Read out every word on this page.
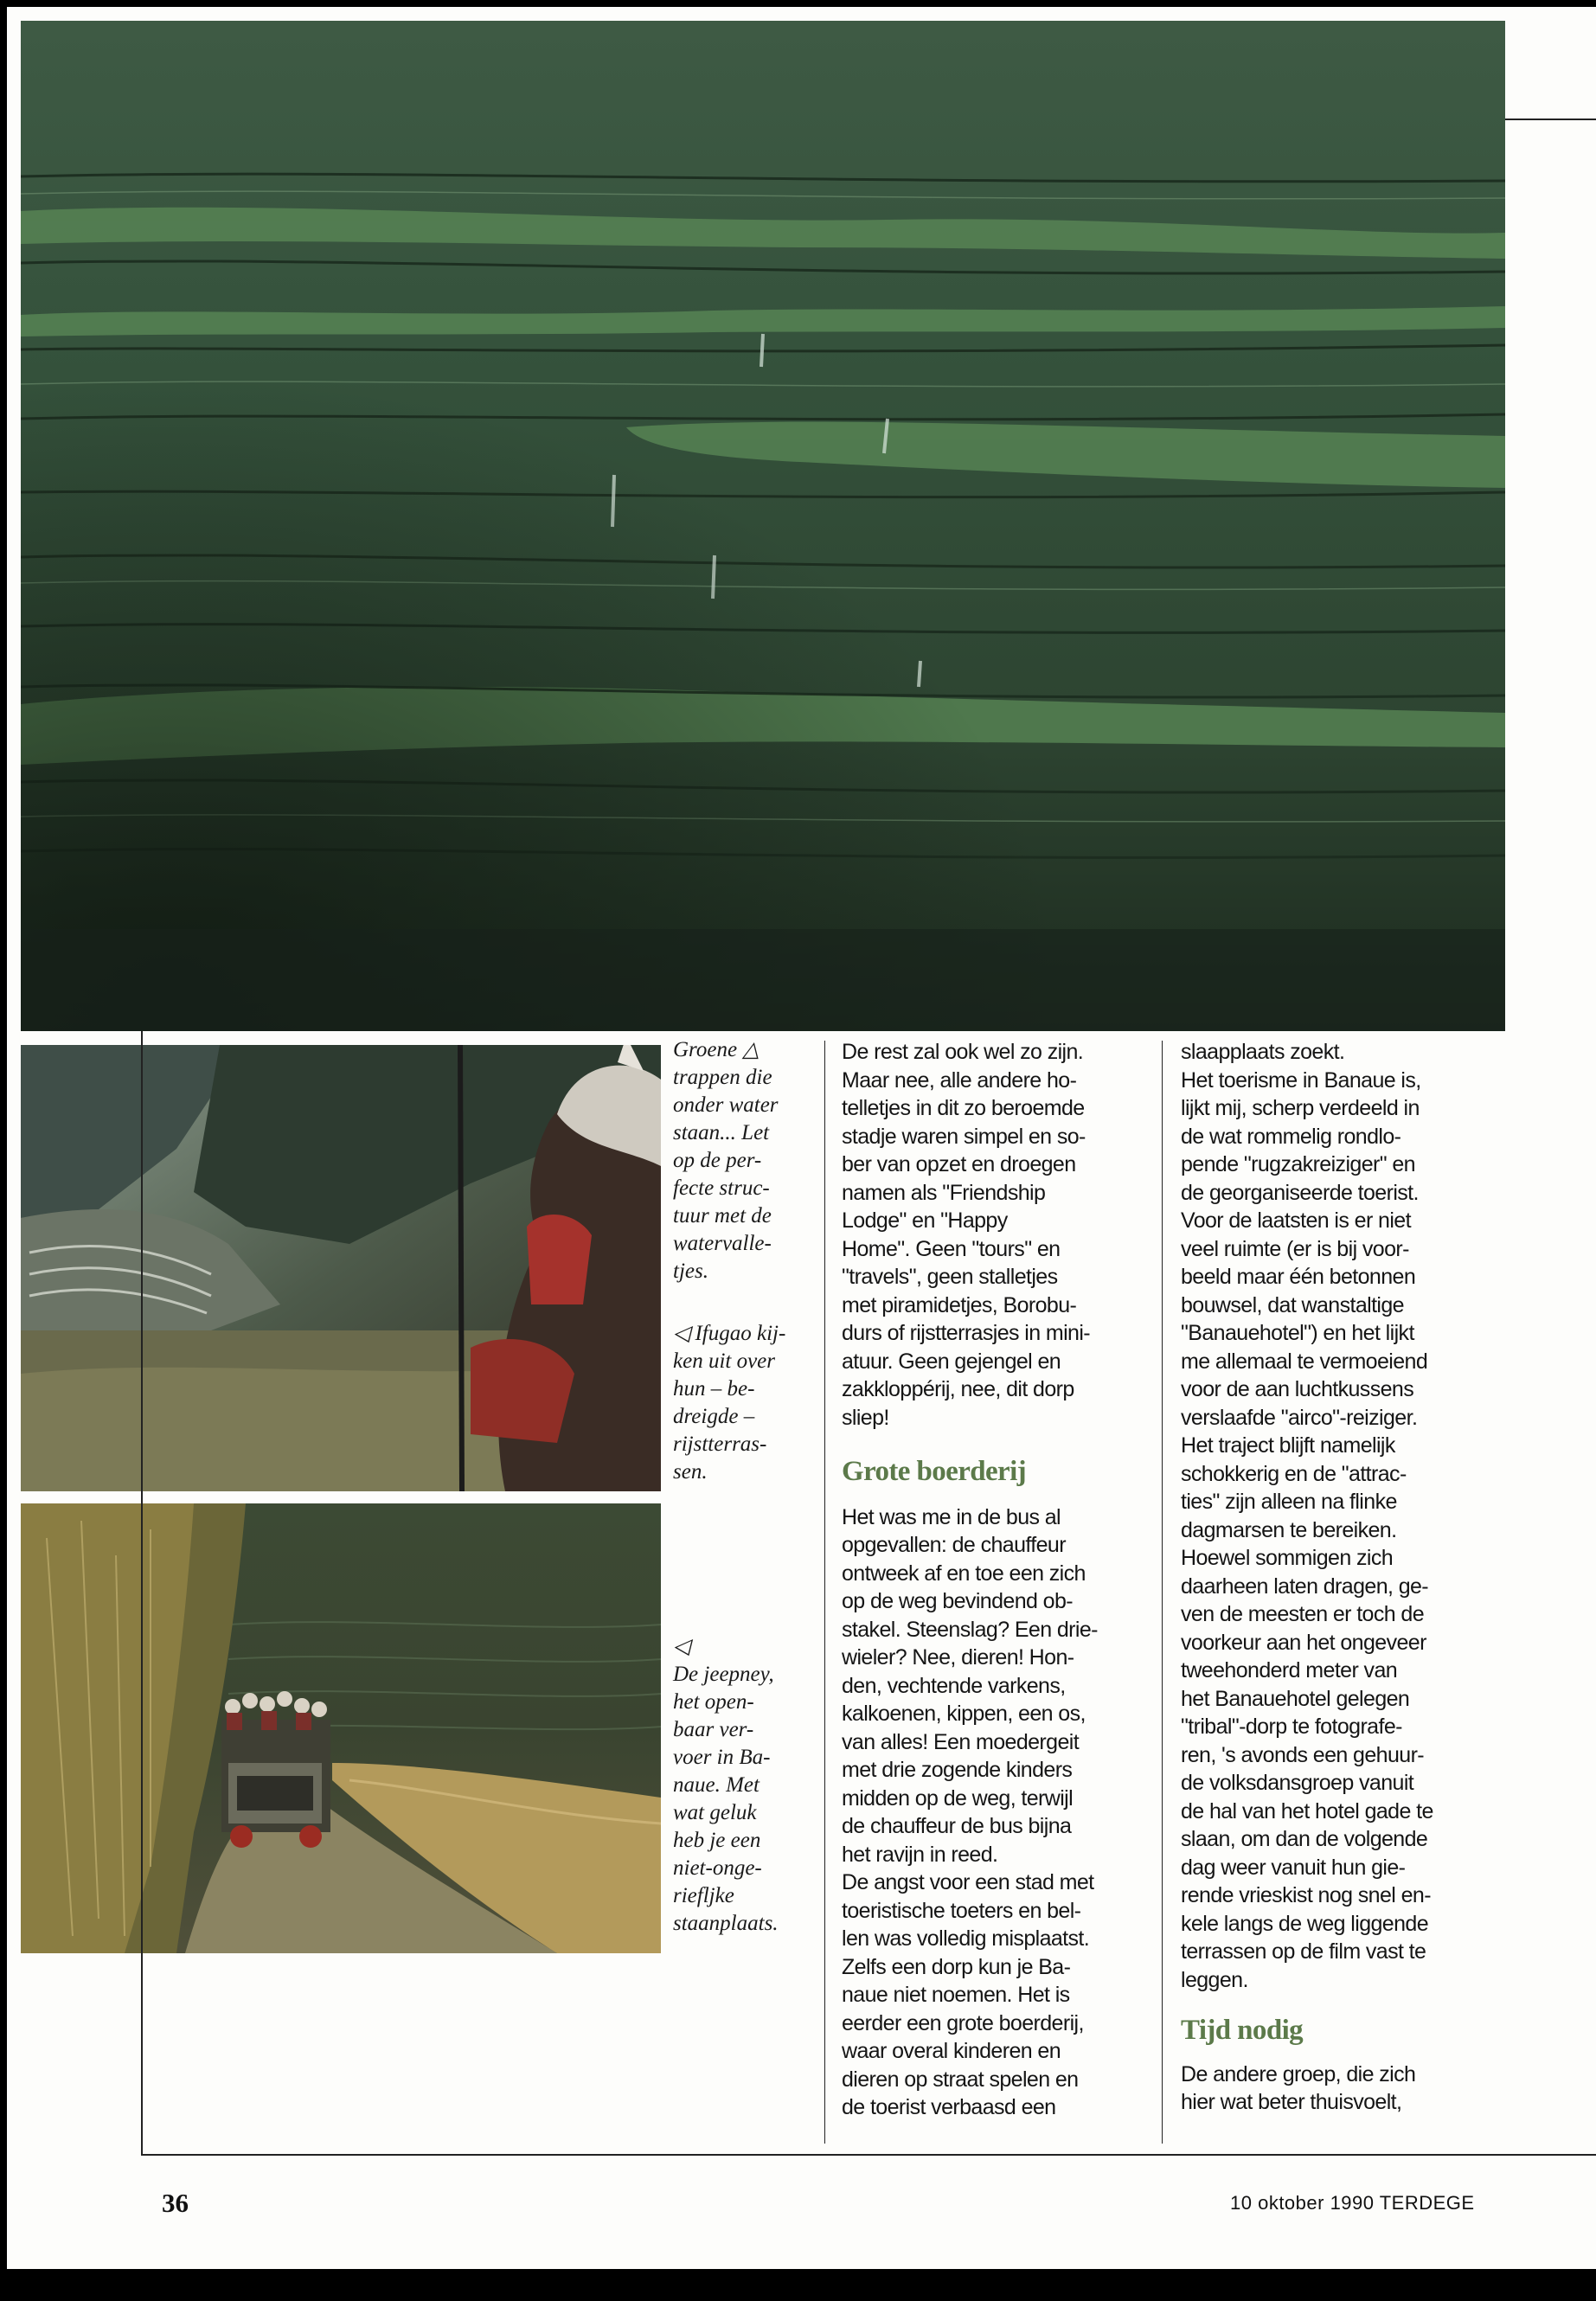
Groene △

trappen die

onder water

staan... Let

op de per-

fecte struc-

tuur met de

watervalle-

tjes.

◁ Ifugao kij-

ken uit over

hun – be-

dreigde –

rijstterras-

sen.

◁

De jeepney,

het open-

baar ver-

voer in Ba-

naue. Met

wat geluk

heb je een

niet-onge-

riefljke

staanplaats.

De rest zal ook wel zo zijn.

Maar nee, alle andere ho-

telletjes in dit zo beroemde

stadje waren simpel en so-

ber van opzet en droegen

namen als "Friendship

Lodge" en "Happy

Home". Geen "tours" en

"travels", geen stalletjes

met piramidetjes, Borobu-

durs of rijstterrasjes in mini-

atuur. Geen gejengel en

zakkloppérij, nee, dit dorp

sliep!

Grote boerderij

Het was me in de bus al

opgevallen: de chauffeur

ontweek af en toe een zich

op de weg bevindend ob-

stakel. Steenslag? Een drie-

wieler? Nee, dieren! Hon-

den, vechtende varkens,

kalkoenen, kippen, een os,

van alles! Een moedergeit

met drie zogende kinders

midden op de weg, terwijl

de chauffeur de bus bijna

het ravijn in reed.

De angst voor een stad met

toeristische toeters en bel-

len was volledig misplaatst.

Zelfs een dorp kun je Ba-

naue niet noemen. Het is

eerder een grote boerderij,

waar overal kinderen en

dieren op straat spelen en

de toerist verbaasd een

slaapplaats zoekt.

Het toerisme in Banaue is,

lijkt mij, scherp verdeeld in

de wat rommelig rondlo-

pende "rugzakreiziger" en

de georganiseerde toerist.

Voor de laatsten is er niet

veel ruimte (er is bij voor-

beeld maar één betonnen

bouwsel, dat wanstaltige

"Banauehotel") en het lijkt

me allemaal te vermoeiend

voor de aan luchtkussens

verslaafde "airco"-reiziger.

Het traject blijft namelijk

schokkerig en de "attrac-

ties" zijn alleen na flinke

dagmarsen te bereiken.

Hoewel sommigen zich

daarheen laten dragen, ge-

ven de meesten er toch de

voorkeur aan het ongeveer

tweehonderd meter van

het Banauehotel gelegen

"tribal"-dorp te fotografe-

ren, 's avonds een gehuur-

de volksdansgroep vanuit

de hal van het hotel gade te

slaan, om dan de volgende

dag weer vanuit hun gie-

rende vrieskist nog snel en-

kele langs de weg liggende

terrassen op de film vast te

leggen.

Tijd nodig

De andere groep, die zich

hier wat beter thuisvoelt,

36	10 oktober 1990 TERDEGE
